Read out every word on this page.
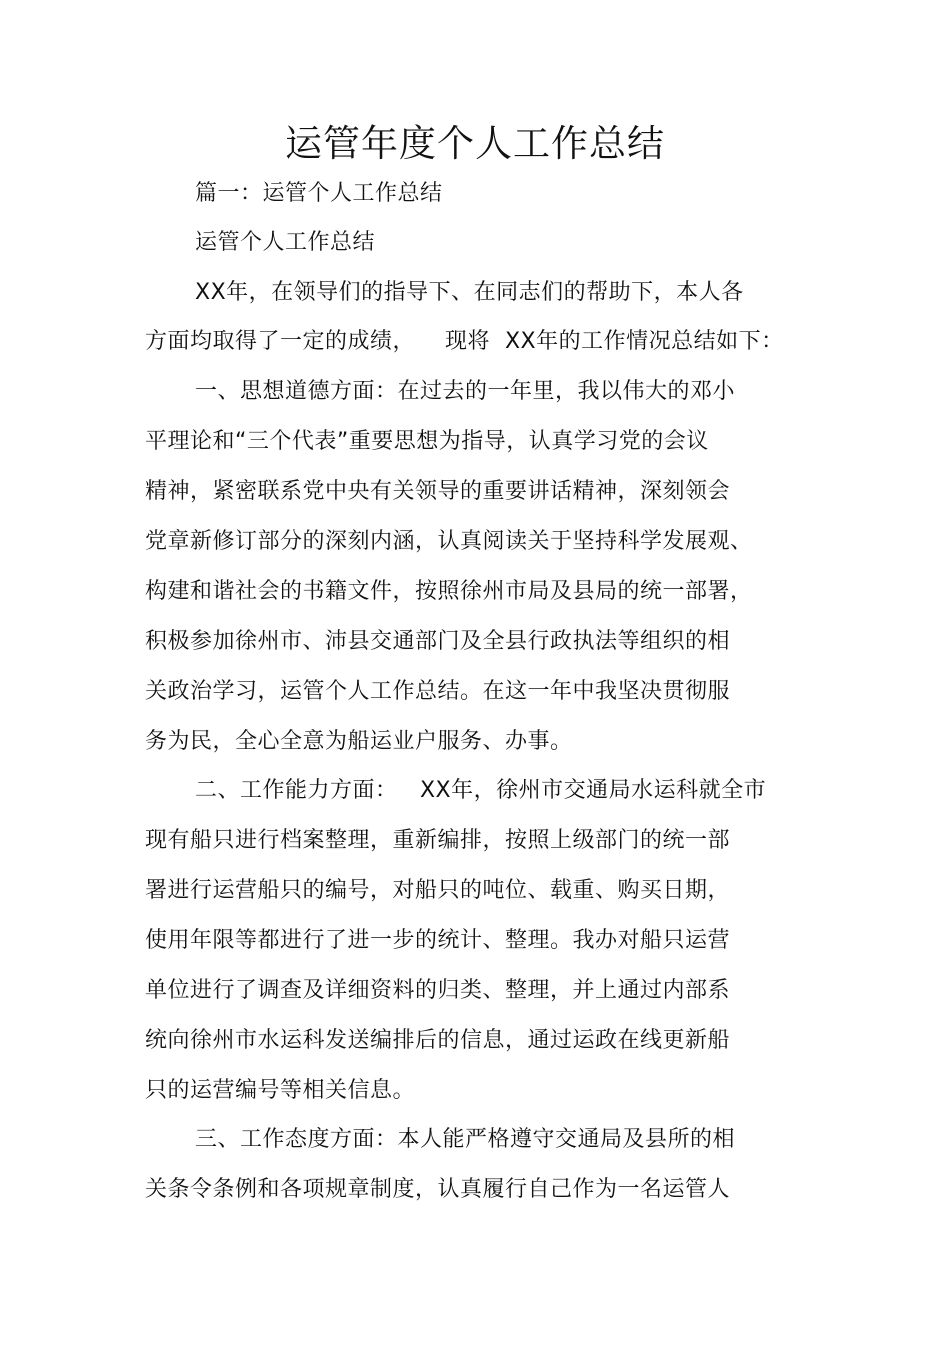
运管年度个人工作总结

篇一：运管个人工作总结

运管个人工作总结

XX年，在领导们的指导下、在同志们的帮助下，本人各

方面均取得了一定的成绩，    现将  XX年的工作情况总结如下：

一、思想道德方面：在过去的一年里，我以伟大的邓小

平理论和“三个代表”重要思想为指导，认真学习党的会议

精神，紧密联系党中央有关领导的重要讲话精神，深刻领会

党章新修订部分的深刻内涵，认真阅读关于坚持科学发展观、

构建和谐社会的书籍文件，按照徐州市局及县局的统一部署，

积极参加徐州市、沛县交通部门及全县行政执法等组织的相

关政治学习，运管个人工作总结。在这一年中我坚决贯彻服

务为民，全心全意为船运业户服务、办事。

二、工作能力方面：   XX年，徐州市交通局水运科就全市

现有船只进行档案整理，重新编排，按照上级部门的统一部

署进行运营船只的编号，对船只的吨位、载重、购买日期，

使用年限等都进行了进一步的统计、整理。我办对船只运营

单位进行了调查及详细资料的归类、整理，并上通过内部系

统向徐州市水运科发送编排后的信息，通过运政在线更新船

只的运营编号等相关信息。

三、工作态度方面：本人能严格遵守交通局及县所的相

关条令条例和各项规章制度，认真履行自己作为一名运管人
